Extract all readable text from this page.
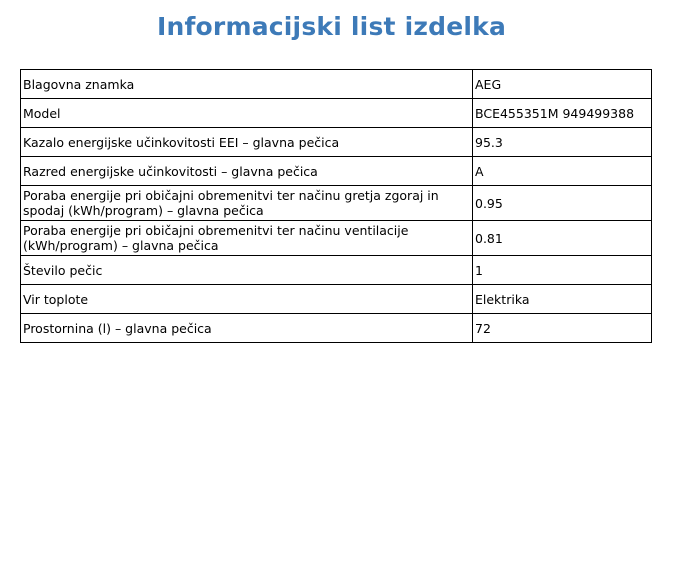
Informacijski list izdelka
Blagovna znamka	AEG
Model	BCE455351M 949499388
Kazalo energijske učinkovitosti EEI – glavna pečica	95.3
Razred energijske učinkovitosti – glavna pečica	A
Poraba energije pri običajni obremenitvi ter načinu gretja zgoraj in spodaj (kWh/program) – glavna pečica	0.95
Poraba energije pri običajni obremenitvi ter načinu ventilacije (kWh/program) – glavna pečica	0.81
Število pečic	1
Vir toplote	Elektrika
Prostornina (l) – glavna pečica	72
